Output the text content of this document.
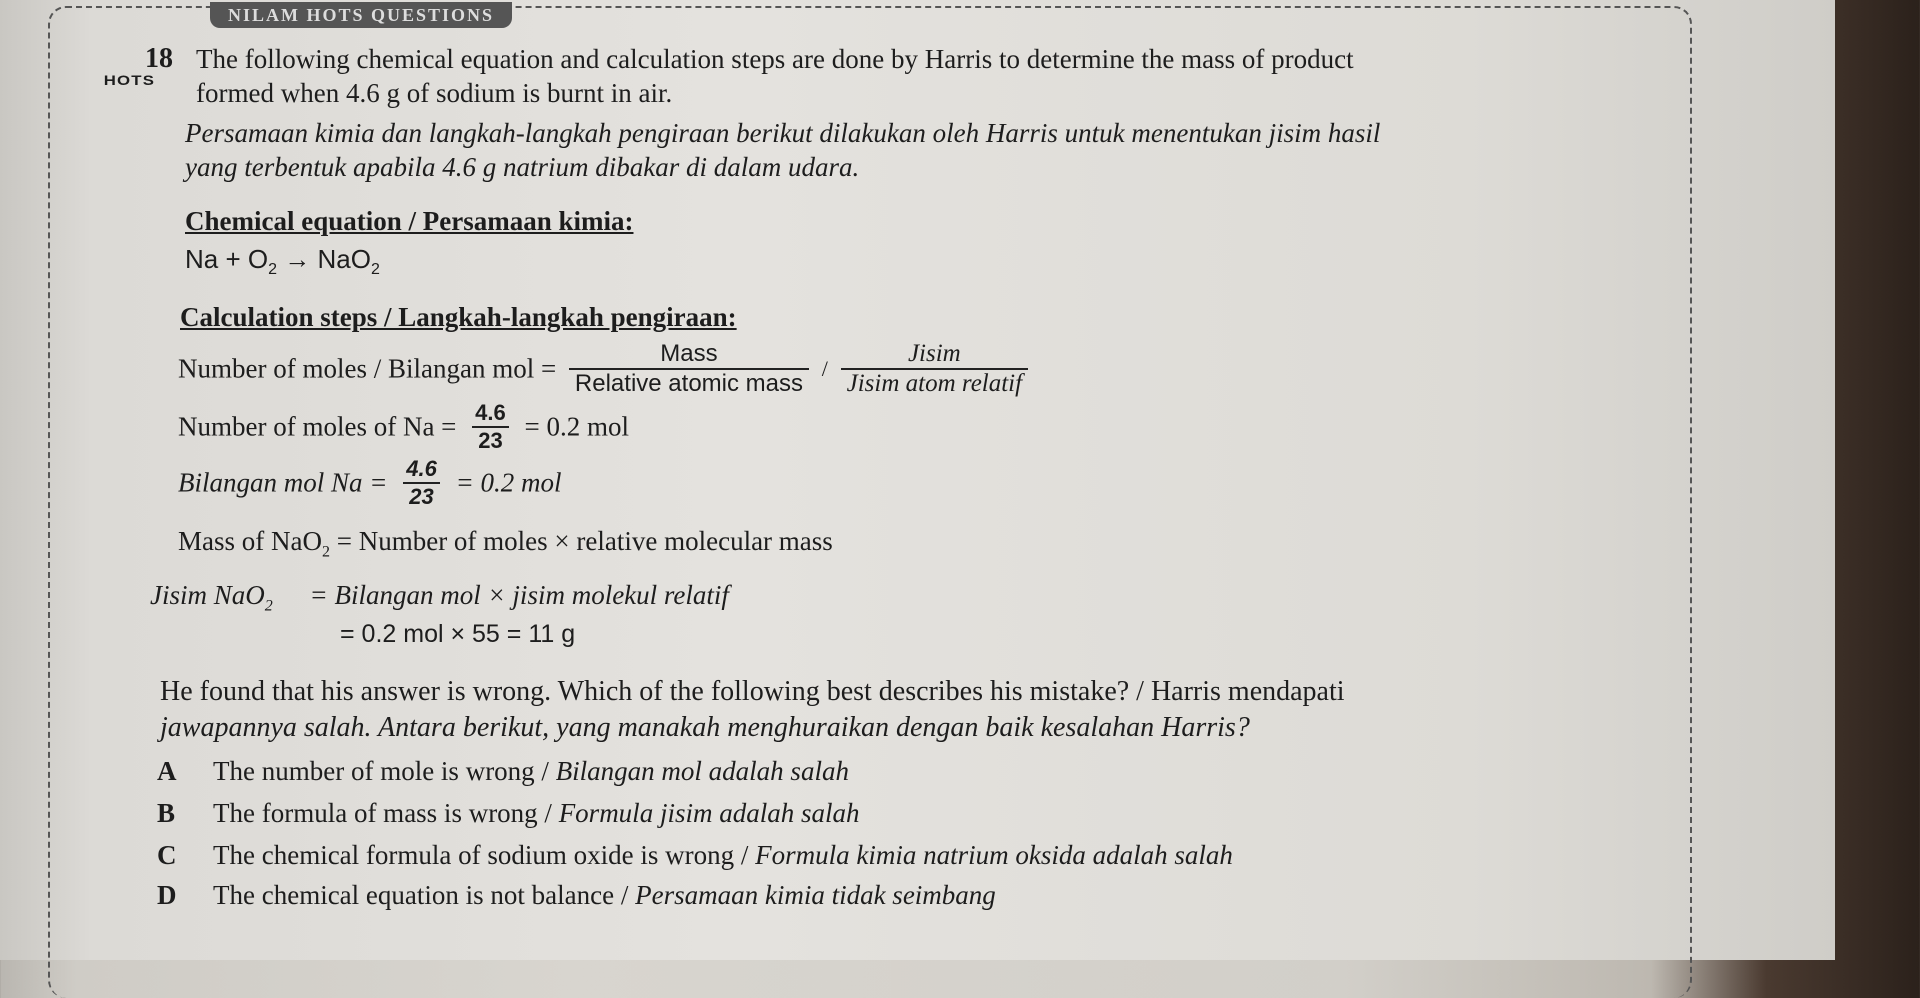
NILAM HOTS QUESTIONS
18
HOTS
The following chemical equation and calculation steps are done by Harris to determine the mass of product
formed when 4.6 g of sodium is burnt in air.
Persamaan kimia dan langkah-langkah pengiraan berikut dilakukan oleh Harris untuk menentukan jisim hasil
yang terbentuk apabila 4.6 g natrium dibakar di dalam udara.
Chemical equation / Persamaan kimia:
$Na + O_2 \to NaO_2$
Calculation steps / Langkah-langkah pengiraan:
Number of moles / Bilangan mol = $\frac{\text{Mass}}{\text{Relative atomic mass}} / \frac{\text{Jisim}}{\text{Jisim atom relatif}}$
Number of moles of $Na = \frac{4.6}{23} = 0.2$ mol
Bilangan mol $Na = \frac{4.6}{23} = 0.2$ mol
Mass of NaO$_2$ = Number of moles × relative molecular mass
Jisim NaO$_2$ = Bilangan mol × jisim molekul relatif
= 0.2 mol × 55 = 11 g
He found that his answer is wrong. Which of the following best describes his mistake? / Harris mendapati
jawapannya salah. Antara berikut, yang manakah menghuraikan dengan baik kesalahan Harris?
A The number of mole is wrong / Bilangan mol adalah salah
B The formula of mass is wrong / Formula jisim adalah salah
C The chemical formula of sodium oxide is wrong / Formula kimia natrium oksida adalah salah
D The chemical equation is not balance / Persamaan kimia tidak seimbang
